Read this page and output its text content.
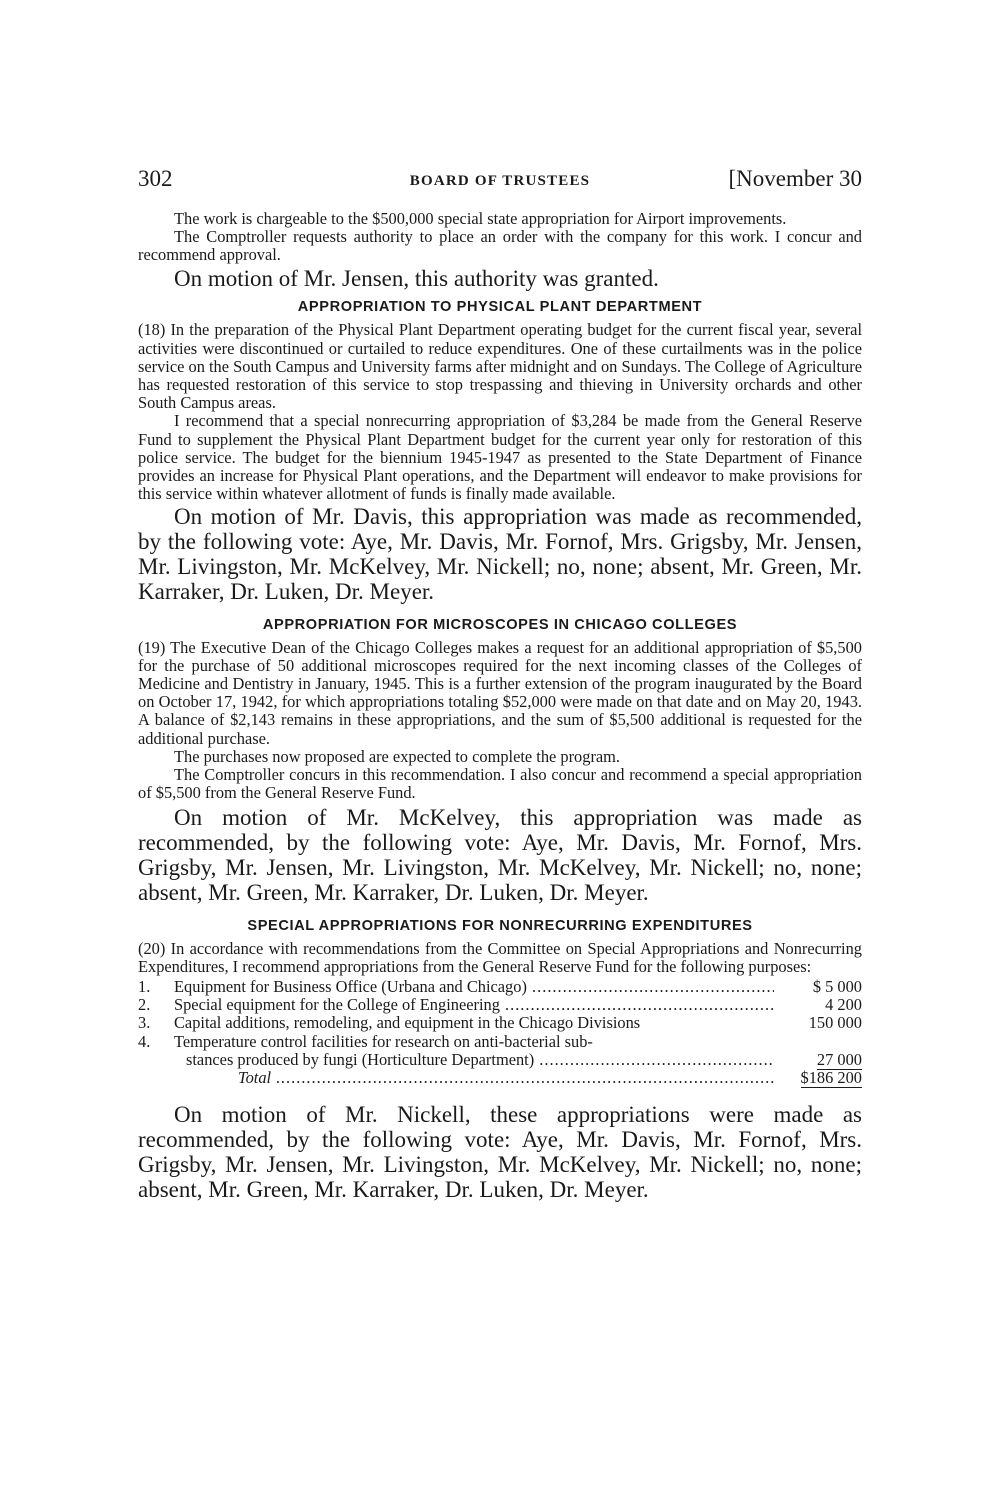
302	BOARD OF TRUSTEES	[November 30

The work is chargeable to the $500,000 special state appropriation for Airport improvements.

The Comptroller requests authority to place an order with the company for this work. I concur and recommend approval.

On motion of Mr. Jensen, this authority was granted.

APPROPRIATION TO PHYSICAL PLANT DEPARTMENT

(18) In the preparation of the Physical Plant Department operating budget for the current fiscal year, several activities were discontinued or curtailed to reduce expenditures. One of these curtailments was in the police service on the South Campus and University farms after midnight and on Sundays. The College of Agriculture has requested restoration of this service to stop trespassing and thieving in University orchards and other South Campus areas.

I recommend that a special nonrecurring appropriation of $3,284 be made from the General Reserve Fund to supplement the Physical Plant Department budget for the current year only for restoration of this police service. The budget for the biennium 1945-1947 as presented to the State Department of Finance provides an increase for Physical Plant operations, and the Department will endeavor to make provisions for this service within whatever allotment of funds is finally made available.

On motion of Mr. Davis, this appropriation was made as recommended, by the following vote: Aye, Mr. Davis, Mr. Fornof, Mrs. Grigsby, Mr. Jensen, Mr. Livingston, Mr. McKelvey, Mr. Nickell; no, none; absent, Mr. Green, Mr. Karraker, Dr. Luken, Dr. Meyer.

APPROPRIATION FOR MICROSCOPES IN CHICAGO COLLEGES

(19) The Executive Dean of the Chicago Colleges makes a request for an additional appropriation of $5,500 for the purchase of 50 additional microscopes required for the next incoming classes of the Colleges of Medicine and Dentistry in January, 1945. This is a further extension of the program inaugurated by the Board on October 17, 1942, for which appropriations totaling $52,000 were made on that date and on May 20, 1943. A balance of $2,143 remains in these appropriations, and the sum of $5,500 additional is requested for the additional purchase.

The purchases now proposed are expected to complete the program.

The Comptroller concurs in this recommendation. I also concur and recommend a special appropriation of $5,500 from the General Reserve Fund.

On motion of Mr. McKelvey, this appropriation was made as recommended, by the following vote: Aye, Mr. Davis, Mr. Fornof, Mrs. Grigsby, Mr. Jensen, Mr. Livingston, Mr. McKelvey, Mr. Nickell; no, none; absent, Mr. Green, Mr. Karraker, Dr. Luken, Dr. Meyer.

SPECIAL APPROPRIATIONS FOR NONRECURRING EXPENDITURES

(20) In accordance with recommendations from the Committee on Special Appropriations and Nonrecurring Expenditures, I recommend appropriations from the General Reserve Fund for the following purposes:

1.	Equipment for Business Office (Urbana and Chicago) .....	$ 5 000
2.	Special equipment for the College of Engineering .....	4 200
3.	Capital additions, remodeling, and equipment in the Chicago Divisions	150 000
4.	Temperature control facilities for research on anti-bacterial sub-
stances produced by fungi (Horticulture Department) .....	27 000
Total .....	$186 200

On motion of Mr. Nickell, these appropriations were made as recommended, by the following vote: Aye, Mr. Davis, Mr. Fornof, Mrs. Grigsby, Mr. Jensen, Mr. Livingston, Mr. McKelvey, Mr. Nickell; no, none; absent, Mr. Green, Mr. Karraker, Dr. Luken, Dr. Meyer.
